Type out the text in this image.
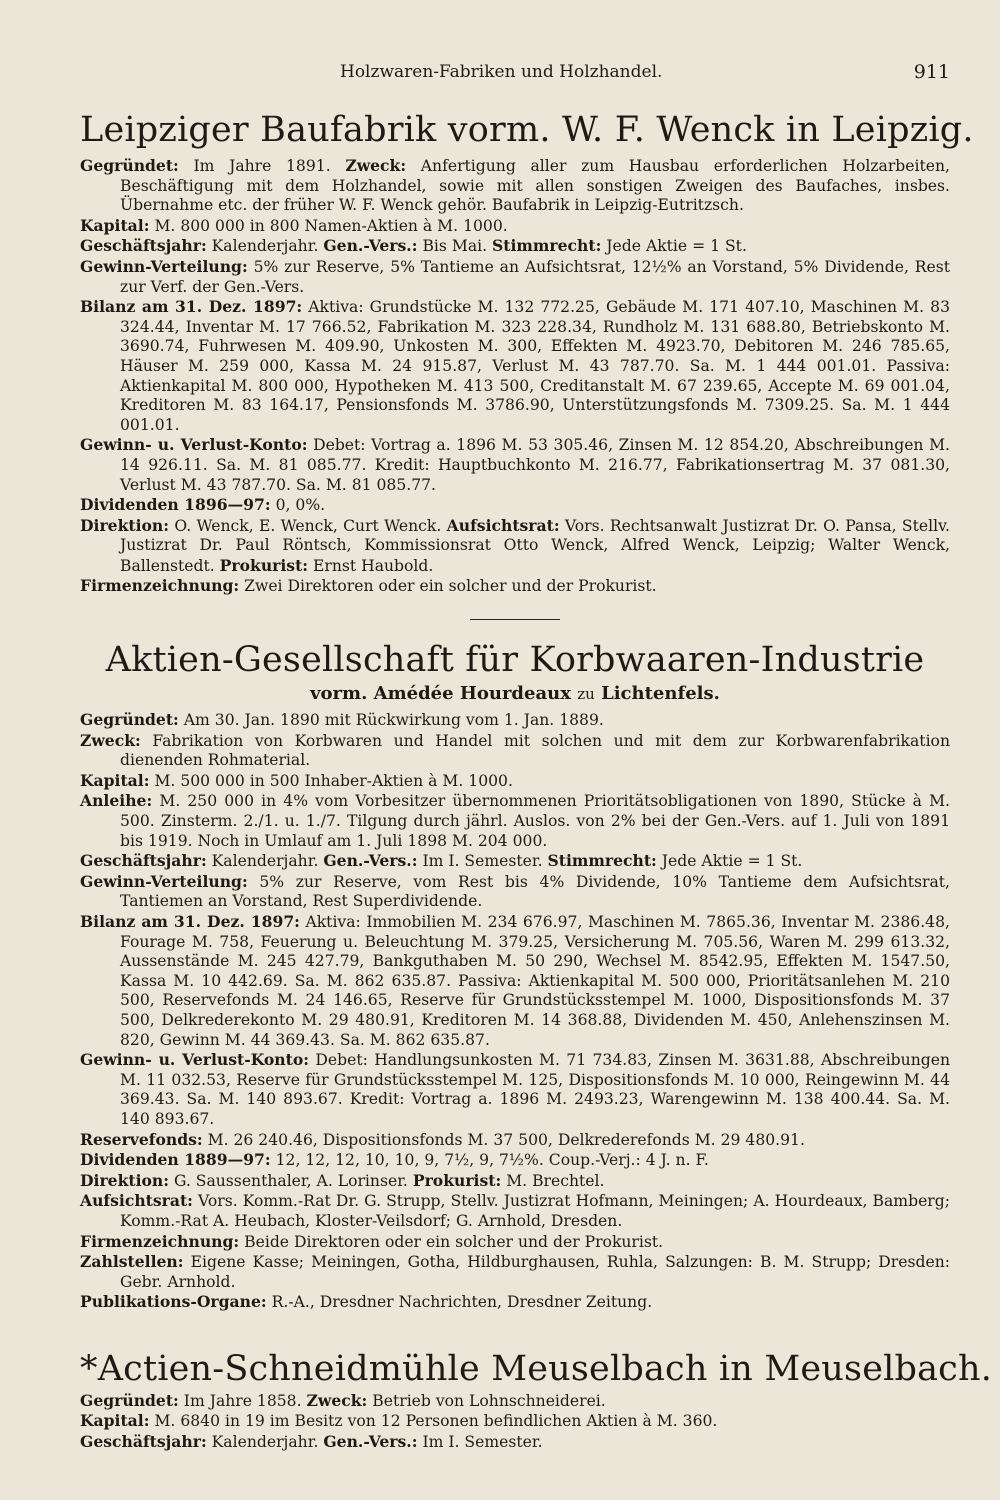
Holzwaren-Fabriken und Holzhandel.	911
Leipziger Baufabrik vorm. W. F. Wenck in Leipzig.

Gegründet: Im Jahre 1891. Zweck: Anfertigung aller zum Hausbau erforderlichen Holzarbeiten, Beschäftigung mit dem Holzhandel, sowie mit allen sonstigen Zweigen des Baufaches, insbes. Übernahme etc. der früher W. F. Wenck gehör. Baufabrik in Leipzig-Eutritzsch.

Kapital: M. 800 000 in 800 Namen-Aktien à M. 1000.

Geschäftsjahr: Kalenderjahr. Gen.-Vers.: Bis Mai. Stimmrecht: Jede Aktie = 1 St.

Gewinn-Verteilung: 5% zur Reserve, 5% Tantieme an Aufsichtsrat, 12½% an Vorstand, 5% Dividende, Rest zur Verf. der Gen.-Vers.

Bilanz am 31. Dez. 1897: Aktiva: Grundstücke M. 132 772.25, Gebäude M. 171 407.10, Maschinen M. 83 324.44, Inventar M. 17 766.52, Fabrikation M. 323 228.34, Rundholz M. 131 688.80, Betriebskonto M. 3690.74, Fuhrwesen M. 409.90, Unkosten M. 300, Effekten M. 4923.70, Debitoren M. 246 785.65, Häuser M. 259 000, Kassa M. 24 915.87, Verlust M. 43 787.70. Sa. M. 1 444 001.01. Passiva: Aktienkapital M. 800 000, Hypotheken M. 413 500, Creditanstalt M. 67 239.65, Accepte M. 69 001.04, Kreditoren M. 83 164.17, Pensionsfonds M. 3786.90, Unterstützungsfonds M. 7309.25. Sa. M. 1 444 001.01.

Gewinn- u. Verlust-Konto: Debet: Vortrag a. 1896 M. 53 305.46, Zinsen M. 12 854.20, Abschreibungen M. 14 926.11. Sa. M. 81 085.77. Kredit: Hauptbuchkonto M. 216.77, Fabrikationsertrag M. 37 081.30, Verlust M. 43 787.70. Sa. M. 81 085.77.

Dividenden 1896—97: 0, 0%.

Direktion: O. Wenck, E. Wenck, Curt Wenck. Aufsichtsrat: Vors. Rechtsanwalt Justizrat Dr. O. Pansa, Stellv. Justizrat Dr. Paul Röntsch, Kommissionsrat Otto Wenck, Alfred Wenck, Leipzig; Walter Wenck, Ballenstedt. Prokurist: Ernst Haubold.

Firmenzeichnung: Zwei Direktoren oder ein solcher und der Prokurist.

Aktien-Gesellschaft für Korbwaaren-Industrie
vorm. Amédée Hourdeaux zu Lichtenfels.

Gegründet: Am 30. Jan. 1890 mit Rückwirkung vom 1. Jan. 1889.

Zweck: Fabrikation von Korbwaren und Handel mit solchen und mit dem zur Korbwarenfabrikation dienenden Rohmaterial.

Kapital: M. 500 000 in 500 Inhaber-Aktien à M. 1000.

Anleihe: M. 250 000 in 4% vom Vorbesitzer übernommenen Prioritätsobligationen von 1890, Stücke à M. 500. Zinsterm. 2./1. u. 1./7. Tilgung durch jährl. Auslos. von 2% bei der Gen.-Vers. auf 1. Juli von 1891 bis 1919. Noch in Umlauf am 1. Juli 1898 M. 204 000.

Geschäftsjahr: Kalenderjahr. Gen.-Vers.: Im I. Semester. Stimmrecht: Jede Aktie = 1 St.

Gewinn-Verteilung: 5% zur Reserve, vom Rest bis 4% Dividende, 10% Tantieme dem Aufsichtsrat, Tantiemen an Vorstand, Rest Superdividende.

Bilanz am 31. Dez. 1897: Aktiva: Immobilien M. 234 676.97, Maschinen M. 7865.36, Inventar M. 2386.48, Fourage M. 758, Feuerung u. Beleuchtung M. 379.25, Versicherung M. 705.56, Waren M. 299 613.32, Aussenstände M. 245 427.79, Bankguthaben M. 50 290, Wechsel M. 8542.95, Effekten M. 1547.50, Kassa M. 10 442.69. Sa. M. 862 635.87. Passiva: Aktienkapital M. 500 000, Prioritätsanlehen M. 210 500, Reservefonds M. 24 146.65, Reserve für Grundstücksstempel M. 1000, Dispositionsfonds M. 37 500, Delkrederekonto M. 29 480.91, Kreditoren M. 14 368.88, Dividenden M. 450, Anlehenszinsen M. 820, Gewinn M. 44 369.43. Sa. M. 862 635.87.

Gewinn- u. Verlust-Konto: Debet: Handlungsunkosten M. 71 734.83, Zinsen M. 3631.88, Abschreibungen M. 11 032.53, Reserve für Grundstücksstempel M. 125, Dispositionsfonds M. 10 000, Reingewinn M. 44 369.43. Sa. M. 140 893.67. Kredit: Vortrag a. 1896 M. 2493.23, Warengewinn M. 138 400.44. Sa. M. 140 893.67.

Reservefonds: M. 26 240.46, Dispositionsfonds M. 37 500, Delkrederefonds M. 29 480.91.

Dividenden 1889—97: 12, 12, 12, 10, 10, 9, 7½, 9, 7½%. Coup.-Verj.: 4 J. n. F.

Direktion: G. Saussenthaler, A. Lorinser. Prokurist: M. Brechtel.

Aufsichtsrat: Vors. Komm.-Rat Dr. G. Strupp, Stellv. Justizrat Hofmann, Meiningen; A. Hourdeaux, Bamberg; Komm.-Rat A. Heubach, Kloster-Veilsdorf; G. Arnhold, Dresden.

Firmenzeichnung: Beide Direktoren oder ein solcher und der Prokurist.

Zahlstellen: Eigene Kasse; Meiningen, Gotha, Hildburghausen, Ruhla, Salzungen: B. M. Strupp; Dresden: Gebr. Arnhold.

Publikations-Organe: R.-A., Dresdner Nachrichten, Dresdner Zeitung.

*Actien-Schneidmühle Meuselbach in Meuselbach.

Gegründet: Im Jahre 1858. Zweck: Betrieb von Lohnschneiderei.

Kapital: M. 6840 in 19 im Besitz von 12 Personen befindlichen Aktien à M. 360.

Geschäftsjahr: Kalenderjahr. Gen.-Vers.: Im I. Semester.
